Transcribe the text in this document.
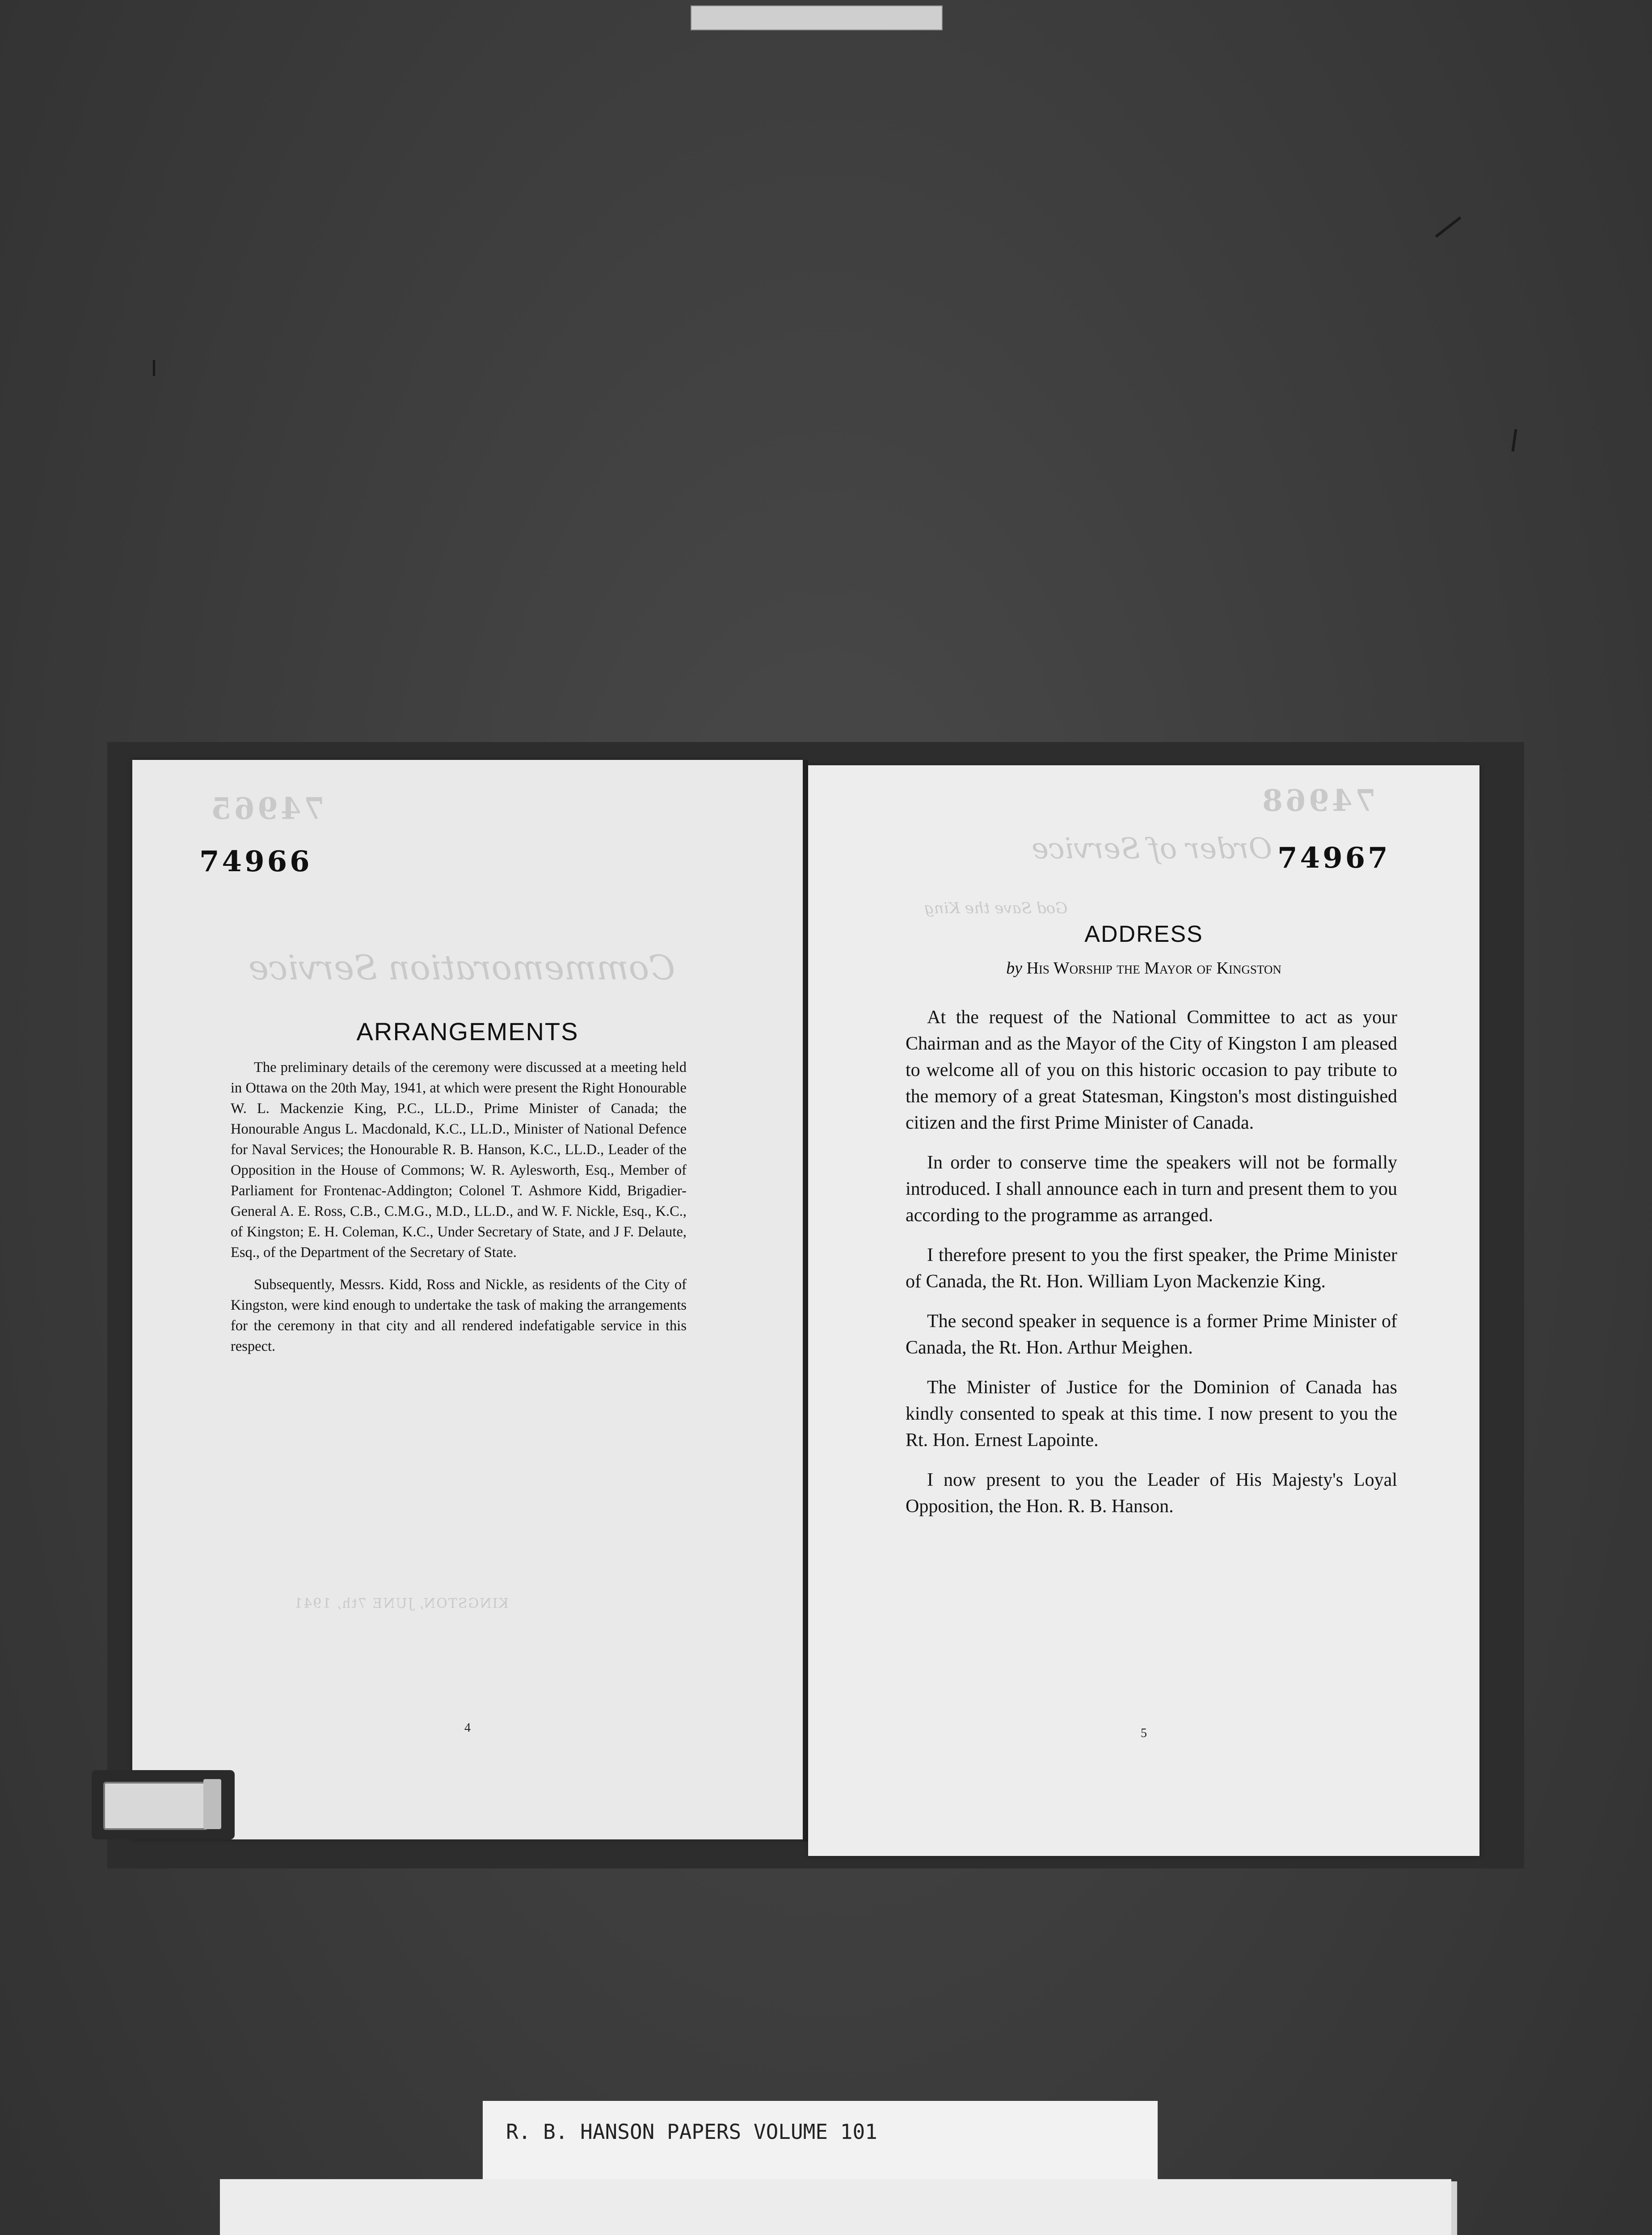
74965
Commemoration Service
KINGSTON, JUNE 7th, 1941
74966
ARRANGEMENTS

The preliminary details of the ceremony were discussed at a meeting held in Ottawa on the 20th May, 1941, at which were present the Right Honourable W. L. Mackenzie King, P.C., LL.D., Prime Minister of Canada; the Honourable Angus L. Macdonald, K.C., LL.D., Minister of National Defence for Naval Services; the Honourable R. B. Hanson, K.C., LL.D., Leader of the Opposition in the House of Commons; W. R. Aylesworth, Esq., Member of Parliament for Frontenac-Addington; Colonel T. Ashmore Kidd, Brigadier-General A. E. Ross, C.B., C.M.G., M.D., LL.D., and W. F. Nickle, Esq., K.C., of Kingston; E. H. Coleman, K.C., Under Secretary of State, and J F. Delaute, Esq., of the Department of the Secretary of State.

Subsequently, Messrs. Kidd, Ross and Nickle, as residents of the City of Kingston, were kind enough to undertake the task of making the arrangements for the ceremony in that city and all rendered indefatigable service in this respect.

4
74968
Order of Service
God Save the King
74967
ADDRESS
by His Worship the Mayor of Kingston

At the request of the National Committee to act as your Chairman and as the Mayor of the City of Kingston I am pleased to welcome all of you on this historic occasion to pay tribute to the memory of a great Statesman, Kingston's most distinguished citizen and the first Prime Minister of Canada.

In order to conserve time the speakers will not be formally introduced. I shall announce each in turn and present them to you according to the programme as arranged.

I therefore present to you the first speaker, the Prime Minister of Canada, the Rt. Hon. William Lyon Mackenzie King.

The second speaker in sequence is a former Prime Minister of Canada, the Rt. Hon. Arthur Meighen.

The Minister of Justice for the Dominion of Canada has kindly consented to speak at this time. I now present to you the Rt. Hon. Ernest Lapointe.

I now present to you the Leader of His Majesty's Loyal Opposition, the Hon. R. B. Hanson.

5
R. B. HANSON PAPERS VOLUME 101
